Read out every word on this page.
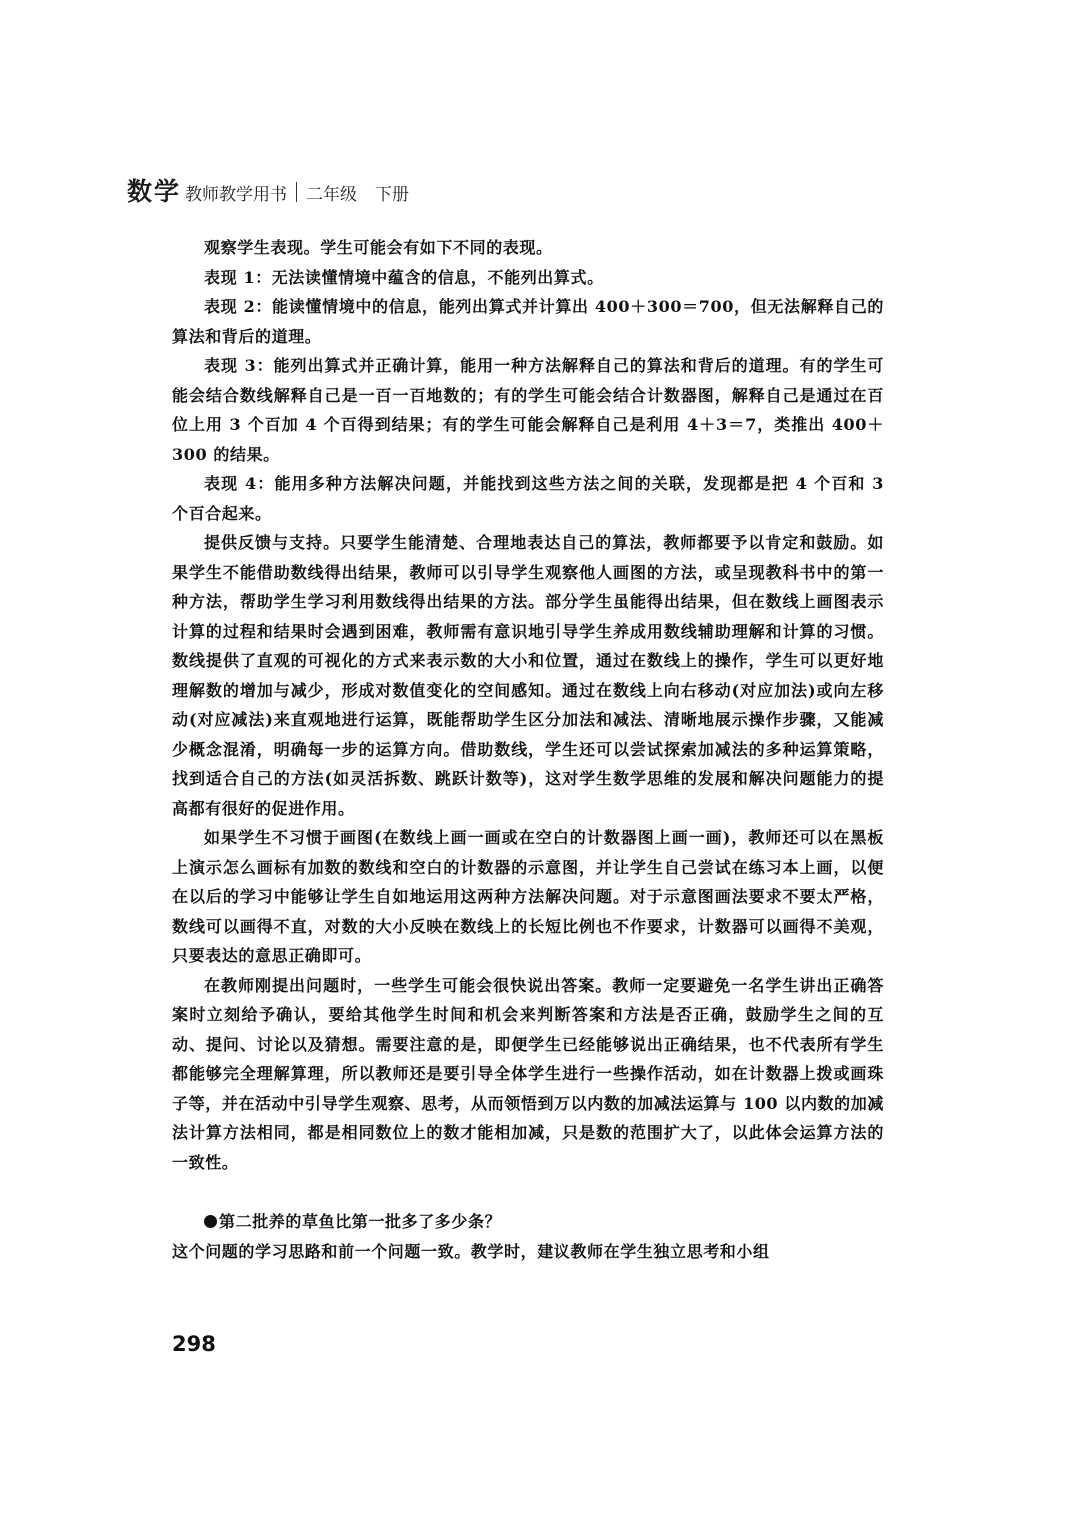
数 学 教师教学用书 二年级 下册

观察学生表现。学生可能会有如下不同的表现。

表现 1：无法读懂情境中蕴含的信息，不能列出算式。

表现 2：能读懂情境中的信息，能列出算式并计算出 400＋300＝700，但无法解释自己的算法和背后的道理。

表现 3：能列出算式并正确计算，能用一种方法解释自己的算法和背后的道理。有的学生可能会结合数线解释自己是一百一百地数的；有的学生可能会结合计数器图，解释自己是通过在百位上用 3 个百加 4 个百得到结果；有的学生可能会解释自己是利用 4＋3＝7，类推出 400＋300 的结果。

表现 4：能用多种方法解决问题，并能找到这些方法之间的关联，发现都是把 4 个百和 3 个百合起来。

提供反馈与支持。只要学生能清楚、合理地表达自己的算法，教师都要予以肯定和鼓励。如果学生不能借助数线得出结果，教师可以引导学生观察他人画图的方法，或呈现教科书中的第一种方法，帮助学生学习利用数线得出结果的方法。部分学生虽能得出结果，但在数线上画图表示计算的过程和结果时会遇到困难，教师需有意识地引导学生养成用数线辅助理解和计算的习惯。数线提供了直观的可视化的方式来表示数的大小和位置，通过在数线上的操作，学生可以更好地理解数的增加与减少，形成对数值变化的空间感知。通过在数线上向右移动(对应加法)或向左移动(对应减法)来直观地进行运算，既能帮助学生区分加法和减法、清晰地展示操作步骤，又能减少概念混淆，明确每一步的运算方向。借助数线，学生还可以尝试探索加减法的多种运算策略，找到适合自己的方法(如灵活拆数、跳跃计数等)，这对学生数学思维的发展和解决问题能力的提高都有很好的促进作用。

如果学生不习惯于画图(在数线上画一画或在空白的计数器图上画一画)，教师还可以在黑板上演示怎么画标有加数的数线和空白的计数器的示意图，并让学生自己尝试在练习本上画，以便在以后的学习中能够让学生自如地运用这两种方法解决问题。对于示意图画法要求不要太严格，数线可以画得不直，对数的大小反映在数线上的长短比例也不作要求，计数器可以画得不美观，只要表达的意思正确即可。

在教师刚提出问题时，一些学生可能会很快说出答案。教师一定要避免一名学生讲出正确答案时立刻给予确认，要给其他学生时间和机会来判断答案和方法是否正确，鼓励学生之间的互动、提问、讨论以及猜想。需要注意的是，即便学生已经能够说出正确结果，也不代表所有学生都能够完全理解算理，所以教师还是要引导全体学生进行一些操作活动，如在计数器上拨或画珠子等，并在活动中引导学生观察、思考，从而领悟到万以内数的加减法运算与 100 以内数的加减法计算方法相同，都是相同数位上的数才能相加减，只是数的范围扩大了，以此体会运算方法的一致性。

第二批养的草鱼比第一批多了多少条？

这个问题的学习思路和前一个问题一致。教学时，建议教师在学生独立思考和小组

298
